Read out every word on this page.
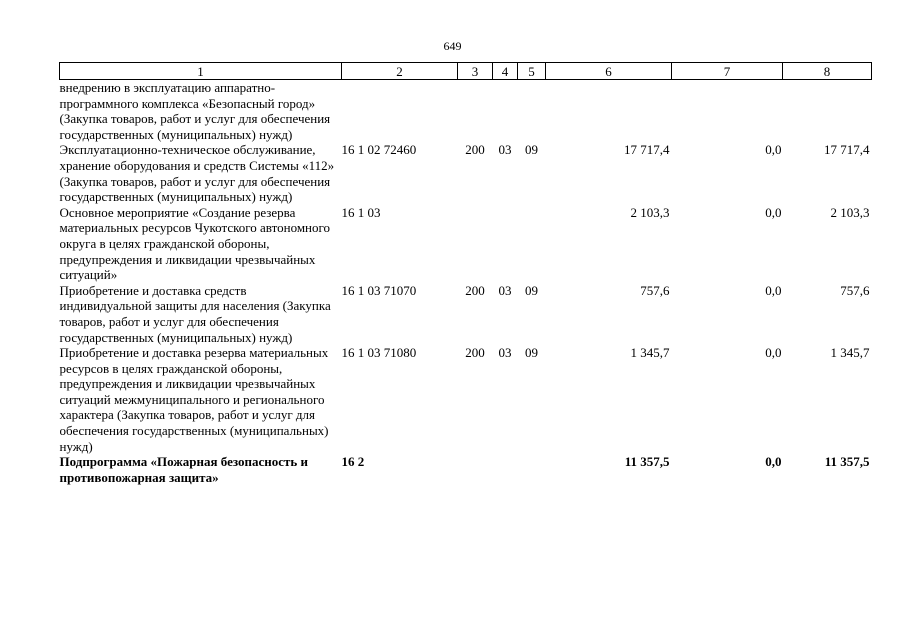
649
1	2	3	4	5	6	7	8
внедрению в эксплуатацию аппаратно-программного комплекса «Безопасный город» (Закупка товаров, работ и услуг для обеспечения государственных (муниципальных) нужд)							
Эксплуатационно-техническое обслуживание, хранение оборудования и средств Системы «112» (Закупка товаров, работ и услуг для обеспечения государственных (муниципальных) нужд)	16 1 02 72460	200	03	09	17 717,4	0,0	17 717,4
Основное мероприятие «Создание резерва материальных ресурсов Чукотского автономного округа в целях гражданской обороны, предупреждения и ликвидации чрезвычайных ситуаций»	16 1 03				2 103,3	0,0	2 103,3
Приобретение и доставка средств индивидуальной защиты для населения (Закупка товаров, работ и услуг для обеспечения государственных (муниципальных) нужд)	16 1 03 71070	200	03	09	757,6	0,0	757,6
Приобретение и доставка резерва материальных ресурсов в целях гражданской обороны, предупреждения и ликвидации чрезвычайных ситуаций межмуниципального и регионального характера (Закупка товаров, работ и услуг для обеспечения государственных (муниципальных) нужд)	16 1 03 71080	200	03	09	1 345,7	0,0	1 345,7
Подпрограмма «Пожарная безопасность и противопожарная защита»	16 2				11 357,5	0,0	11 357,5
